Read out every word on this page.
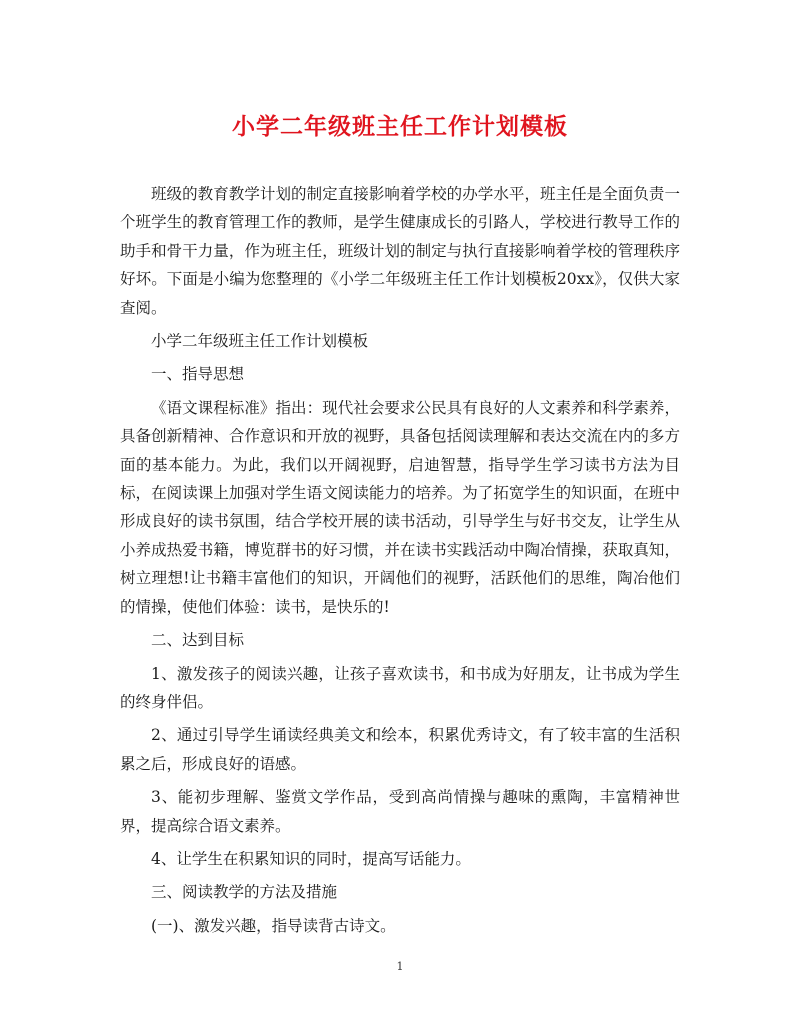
小学二年级班主任工作计划模板

班级的教育教学计划的制定直接影响着学校的办学水平，班主任是全面负责一个班学生的教育管理工作的教师，是学生健康成长的引路人，学校进行教导工作的助手和骨干力量，作为班主任，班级计划的制定与执行直接影响着学校的管理秩序好坏。下面是小编为您整理的《小学二年级班主任工作计划模板20xx》，仅供大家查阅。

小学二年级班主任工作计划模板

一、指导思想

《语文课程标准》指出：现代社会要求公民具有良好的人文素养和科学素养，具备创新精神、合作意识和开放的视野，具备包括阅读理解和表达交流在内的多方面的基本能力。为此，我们以开阔视野，启迪智慧，指导学生学习读书方法为目标，在阅读课上加强对学生语文阅读能力的培养。为了拓宽学生的知识面，在班中形成良好的读书氛围，结合学校开展的读书活动，引导学生与好书交友，让学生从小养成热爱书籍，博览群书的好习惯，并在读书实践活动中陶冶情操，获取真知，树立理想!让书籍丰富他们的知识，开阔他们的视野，活跃他们的思维，陶冶他们的情操，使他们体验：读书，是快乐的!

二、达到目标

1、激发孩子的阅读兴趣，让孩子喜欢读书，和书成为好朋友，让书成为学生的终身伴侣。

2、通过引导学生诵读经典美文和绘本，积累优秀诗文，有了较丰富的生活积累之后，形成良好的语感。

3、能初步理解、鉴赏文学作品，受到高尚情操与趣味的熏陶，丰富精神世界，提高综合语文素养。

4、让学生在积累知识的同时，提高写话能力。

三、阅读教学的方法及措施

(一)、激发兴趣，指导读背古诗文。

1
